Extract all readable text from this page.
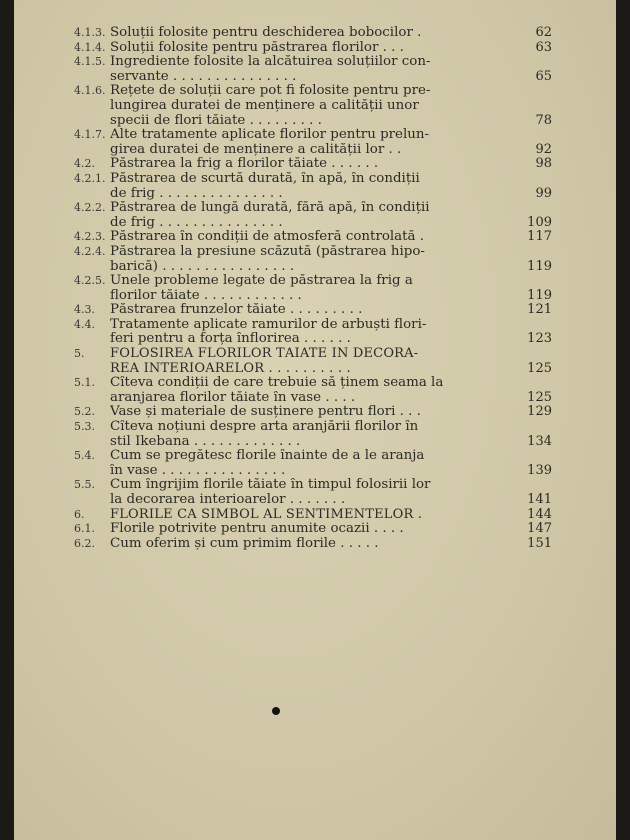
4.1.3. Soluții folosite pentru deschiderea bobocilor .	62
4.1.4. Soluții folosite pentru păstrarea florilor . . .	63
4.1.5. Ingrediente folosite la alcătuirea soluțiilor con-
servante . . . . . . . . . . . . . . .	65
4.1.6. Rețete de soluții care pot fi folosite pentru pre-
lungirea duratei de menținere a calității unor
specii de flori tăiate . . . . . . . . .	78
4.1.7. Alte tratamente aplicate florilor pentru prelun-
girea duratei de menținere a calității lor . .	92
4.2.	Păstrarea la frig a florilor tăiate . . . . . .	98
4.2.1. Păstrarea de scurtă durată, în apă, în condiții
de frig . . . . . . . . . . . . . . .	99
4.2.2. Păstrarea de lungă durată, fără apă, în condiții
de frig . . . . . . . . . . . . . . .	109
4.2.3. Păstrarea în condiții de atmosferă controlată .	117
4.2.4. Păstrarea la presiune scăzută (păstrarea hipo-
barică) . . . . . . . . . . . . . . . .	119
4.2.5. Unele probleme legate de păstrarea la frig a
florilor tăiate . . . . . . . . . . . .	119
4.3.	Păstrarea frunzelor tăiate . . . . . . . . .	121
4.4.	Tratamente aplicate ramurilor de arbuști flori-
feri pentru a forța înflorirea . . . . . .	123
5.	FOLOSIREA FLORILOR TĂIATE ÎN DECORA-
REA INTERIOARELOR . . . . . . . . . .	125
5.1.	Cîteva condiții de care trebuie să ținem seama la
aranjarea florilor tăiate în vase . . . .	125
5.2.	Vase și materiale de susținere pentru flori . . .	129
5.3.	Cîteva noțiuni despre arta aranjării florilor în
stil Ikebana . . . . . . . . . . . . .	134
5.4.	Cum se pregătesc florile înainte de a le aranja
în vase . . . . . . . . . . . . . . .	139
5.5.	Cum îngrijim florile tăiate în timpul folosirii lor
la decorarea interioarelor . . . . . . .	141
6.	FLORILE CA SIMBOL AL SENTIMENTELOR .	144
6.1.	Florile potrivite pentru anumite ocazii . . . .	147
6.2.	Cum oferim și cum primim florile . . . . .	151
